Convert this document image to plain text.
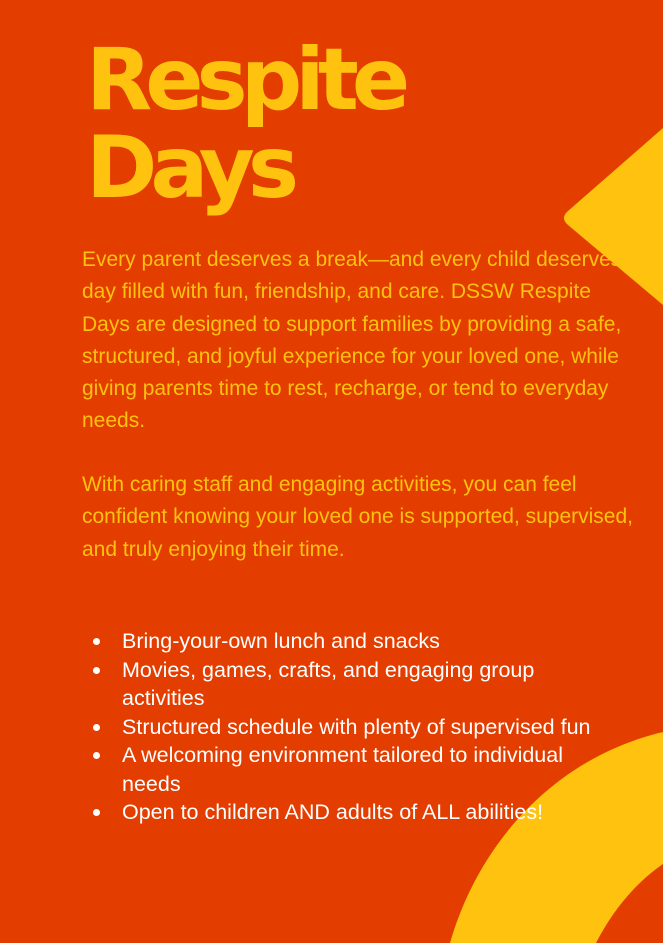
Respite
Days

Every parent deserves a break—and every child deserves a day filled with fun, friendship, and care. DSSW Respite Days are designed to support families by providing a safe, structured, and joyful experience for your loved one, while giving parents time to rest, recharge, or tend to everyday needs.

With caring staff and engaging activities, you can feel confident knowing your loved one is supported, supervised, and truly enjoying their time.

Bring-your-own lunch and snacks
Movies, games, crafts, and engaging group activities
Structured schedule with plenty of supervised fun
A welcoming environment tailored to individual needs
Open to children AND adults of ALL abilities!
